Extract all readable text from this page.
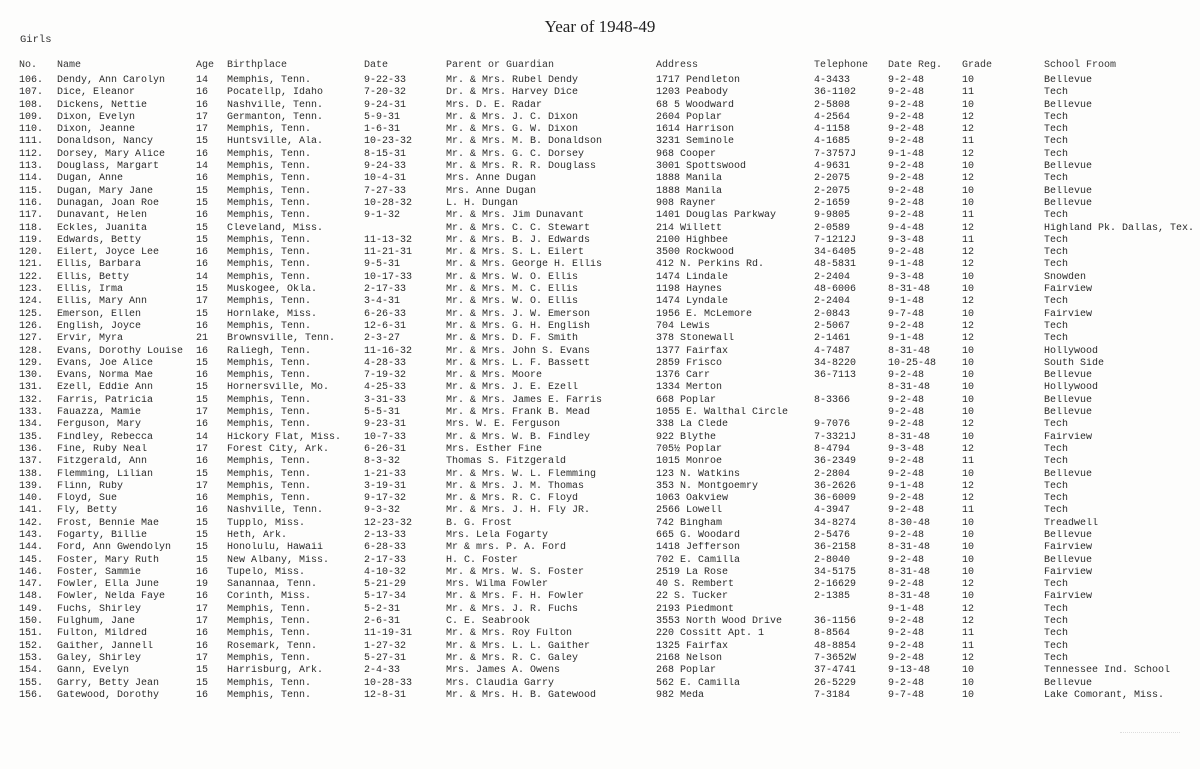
Year of 1948-49
Girls
No.	Name	Age	Birthplace	Date	Parent or Guardian	Address	Telephone	Date Reg.	Grade	School Froom
106.	Dendy, Ann Carolyn	14	Memphis, Tenn.	9-22-33	Mr. & Mrs. Rubel Dendy	1717 Pendleton	4-3433	9-2-48	10	Bellevue
107.	Dice, Eleanor	16	Pocatellp, Idaho	7-20-32	Dr. & Mrs. Harvey Dice	1203 Peabody	36-1102	9-2-48	11	Tech
108.	Dickens, Nettie	16	Nashville, Tenn.	9-24-31	Mrs. D. E. Radar	68 5 Woodward	2-5808	9-2-48	10	Bellevue
109.	Dixon, Evelyn	17	Germanton, Tenn.	5-9-31	Mr. & Mrs. J. C. Dixon	2604 Poplar	4-2564	9-2-48	12	Tech
110.	Dixon, Jeanne	17	Memphis, Tenn.	1-6-31	Mr. & Mrs. G. W. Dixon	1614 Harrison	4-1158	9-2-48	12	Tech
111.	Donaldson, Nancy	15	Huntsville, Ala.	10-23-32	Mr. & Mrs. M. B. Donaldson	3231 Seminole	4-1685	9-2-48	11	Tech
112.	Dorsey, Mary Alice	16	Memphis, Tenn.	8-15-31	Mr. & Mrs. G. C. Dorsey	968 Cooper	7-3757J	9-1-48	12	Tech
113.	Douglass, Margart	14	Memphis, Tenn.	9-24-33	Mr. & Mrs. R. R. Douglass	3001 Spottswood	4-9631	9-2-48	10	Bellevue
114.	Dugan, Anne	16	Memphis, Tenn.	10-4-31	Mrs. Anne Dugan	1888 Manila	2-2075	9-2-48	12	Tech
115.	Dugan, Mary Jane	15	Memphis, Tenn.	7-27-33	Mrs. Anne Dugan	1888 Manila	2-2075	9-2-48	10	Bellevue
116.	Dunagan, Joan Roe	15	Memphis, Tenn.	10-28-32	L. H. Dungan	908 Rayner	2-1659	9-2-48	10	Bellevue
117.	Dunavant, Helen	16	Memphis, Tenn.	9-1-32	Mr. & Mrs. Jim Dunavant	1401 Douglas Parkway	9-9805	9-2-48	11	Tech
118.	Eckles, Juanita	15	Cleveland, Miss.		Mr. & Mrs. C. C. Stewart	214 Willett	2-0589	9-4-48	12	Highland Pk. Dallas, Tex.
119.	Edwards, Betty	15	Memphis, Tenn.	11-13-32	Mr. & Mrs. B. J. Edwards	2100 Highbee	7-1212J	9-3-48	11	Tech
120.	Eilert, Joyce Lee	16	Memphis, Tenn.	11-21-31	Mr. & Mrs. S. L. Eilert	3500 Rockwood	34-6405	9-2-48	12	Tech
121.	Ellis, Barbara	16	Memphis, Tenn.	9-5-31	Mr. & Mrs. George H. Ellis	412 N. Perkins Rd.	48-5831	9-1-48	12	Tech
122.	Ellis, Betty	14	Memphis, Tenn.	10-17-33	Mr. & Mrs. W. O. Ellis	1474 Lindale	2-2404	9-3-48	10	Snowden
123.	Ellis, Irma	15	Muskogee, Okla.	2-17-33	Mr. & Mrs. M. C. Ellis	1198 Haynes	48-6006	8-31-48	10	Fairview
124.	Ellis, Mary Ann	17	Memphis, Tenn.	3-4-31	Mr. & Mrs. W. O. Ellis	1474 Lyndale	2-2404	9-1-48	12	Tech
125.	Emerson, Ellen	15	Hornlake, Miss.	6-26-33	Mr. & Mrs. J. W. Emerson	1956 E. McLemore	2-0843	9-7-48	10	Fairview
126.	English, Joyce	16	Memphis, Tenn.	12-6-31	Mr. & Mrs. G. H. English	704 Lewis	2-5067	9-2-48	12	Tech
127.	Ervir, Myra	21	Brownsville, Tenn.	2-3-27	Mr. & Mrs. D. F. Smith	378 Stonewall	2-1461	9-1-48	12	Tech
128.	Evans, Dorothy Louise	16	Raliegh, Tenn.	11-16-32	Mr. & Mrs. John S. Evans	1377 Fairfax	4-7487	8-31-48	10	Hollywood
129.	Evans, Joe Alice	15	Memphis, Tenn.	4-28-33	Mr. & Mrs. L. F. Bassett	2859 Frisco	34-8220	10-25-48	10	South Side
130.	Evans, Norma Mae	16	Memphis, Tenn.	7-19-32	Mr. & Mrs. Moore	1376 Carr	36-7113	9-2-48	10	Bellevue
131.	Ezell, Eddie Ann	15	Hornersville, Mo.	4-25-33	Mr. & Mrs. J. E. Ezell	1334 Merton		8-31-48	10	Hollywood
132.	Farris, Patricia	15	Memphis, Tenn.	3-31-33	Mr. & Mrs. James E. Farris	668 Poplar	8-3366	9-2-48	10	Bellevue
133.	Fauazza, Mamie	17	Memphis, Tenn.	5-5-31	Mr. & Mrs. Frank B. Mead	1055 E. Walthal Circle		9-2-48	10	Bellevue
134.	Ferguson, Mary	16	Memphis, Tenn.	9-23-31	Mrs. W. E. Ferguson	338 La Clede	9-7076	9-2-48	12	Tech
135.	Findley, Rebecca	14	Hickory Flat, Miss.	10-7-33	Mr. & Mrs. W. B. Findley	922 Blythe	7-3321J	8-31-48	10	Fairview
136.	Fine, Ruby Neal	17	Forest City, Ark.	6-26-31	Mrs. Esther Fine	705½ Poplar	8-4794	9-3-48	12	Tech
137.	Fitzgerald, Ann	16	Memphis, Tenn.	8-3-32	Thomas S. Fitzgerald	1015 Monroe	36-2349	9-2-48	11	Tech
138.	Flemming, Lilian	15	Memphis, Tenn.	1-21-33	Mr. & Mrs. W. L. Flemming	123 N. Watkins	2-2804	9-2-48	10	Bellevue
139.	Flinn, Ruby	17	Memphis, Tenn.	3-19-31	Mr. & Mrs. J. M. Thomas	353 N. Montgoemry	36-2626	9-1-48	12	Tech
140.	Floyd, Sue	16	Memphis, Tenn.	9-17-32	Mr. & Mrs. R. C. Floyd	1063 Oakview	36-6009	9-2-48	12	Tech
141.	Fly, Betty	16	Nashville, Tenn.	9-3-32	Mr. & Mrs. J. H. Fly JR.	2566 Lowell	4-3947	9-2-48	11	Tech
142.	Frost, Bennie Mae	15	Tupplo, Miss.	12-23-32	B. G. Frost	742 Bingham	34-8274	8-30-48	10	Treadwell
143.	Fogarty, Billie	15	Heth, Ark.	2-13-33	Mrs. Lela Fogarty	665 G. Woodard	2-5476	9-2-48	10	Bellevue
144.	Ford, Ann Gwendolyn	15	Honolulu, Hawaii	6-28-33	Mr & mrs. P. A. Ford	1418 Jefferson	36-2158	8-31-48	10	Fairview
145.	Foster, Mary Ruth	15	New Albany, Miss.	2-17-33	H. C. Foster	702 E. Camilla	2-8040	9-2-48	10	Bellevue
146.	Foster, Sammie	16	Tupelo, Miss.	4-10-32	Mr. & Mrs. W. S. Foster	2519 La Rose	34-5175	8-31-48	10	Fairview
147.	Fowler, Ella June	19	Sanannaa, Tenn.	5-21-29	Mrs. Wilma Fowler	40 S. Rembert	2-16629	9-2-48	12	Tech
148.	Fowler, Nelda Faye	16	Corinth, Miss.	5-17-34	Mr. & Mrs. F. H. Fowler	22 S. Tucker	2-1385	8-31-48	10	Fairview
149.	Fuchs, Shirley	17	Memphis, Tenn.	5-2-31	Mr. & Mrs. J. R. Fuchs	2193 Piedmont		9-1-48	12	Tech
150.	Fulghum, Jane	17	Memphis, Tenn.	2-6-31	C. E. Seabrook	3553 North Wood Drive	36-1156	9-2-48	12	Tech
151.	Fulton, Mildred	16	Memphis, Tenn.	11-19-31	Mr. & Mrs. Roy Fulton	220 Cossitt Apt. 1	8-8564	9-2-48	11	Tech
152.	Gaither, Jannell	16	Rosemark, Tenn.	1-27-32	Mr. & Mrs. L. L. Gaither	1325 Fairfax	48-8854	9-2-48	11	Tech
153.	Galey, Shirley	17	Memphis, Tenn.	5-27-31	Mr. & Mrs. R. C. Galey	2168 Nelson	7-3652W	9-2-48	12	Tech
154.	Gann, Evelyn	15	Harrisburg, Ark.	2-4-33	Mrs. James A. Owens	268 Poplar	37-4741	9-13-48	10	Tennessee Ind. School
155.	Garry, Betty Jean	15	Memphis, Tenn.	10-28-33	Mrs. Claudia Garry	562 E. Camilla	26-5229	9-2-48	10	Bellevue
156.	Gatewood, Dorothy	16	Memphis, Tenn.	12-8-31	Mr. & Mrs. H. B. Gatewood	982 Meda	7-3184	9-7-48	10	Lake Comorant, Miss.
